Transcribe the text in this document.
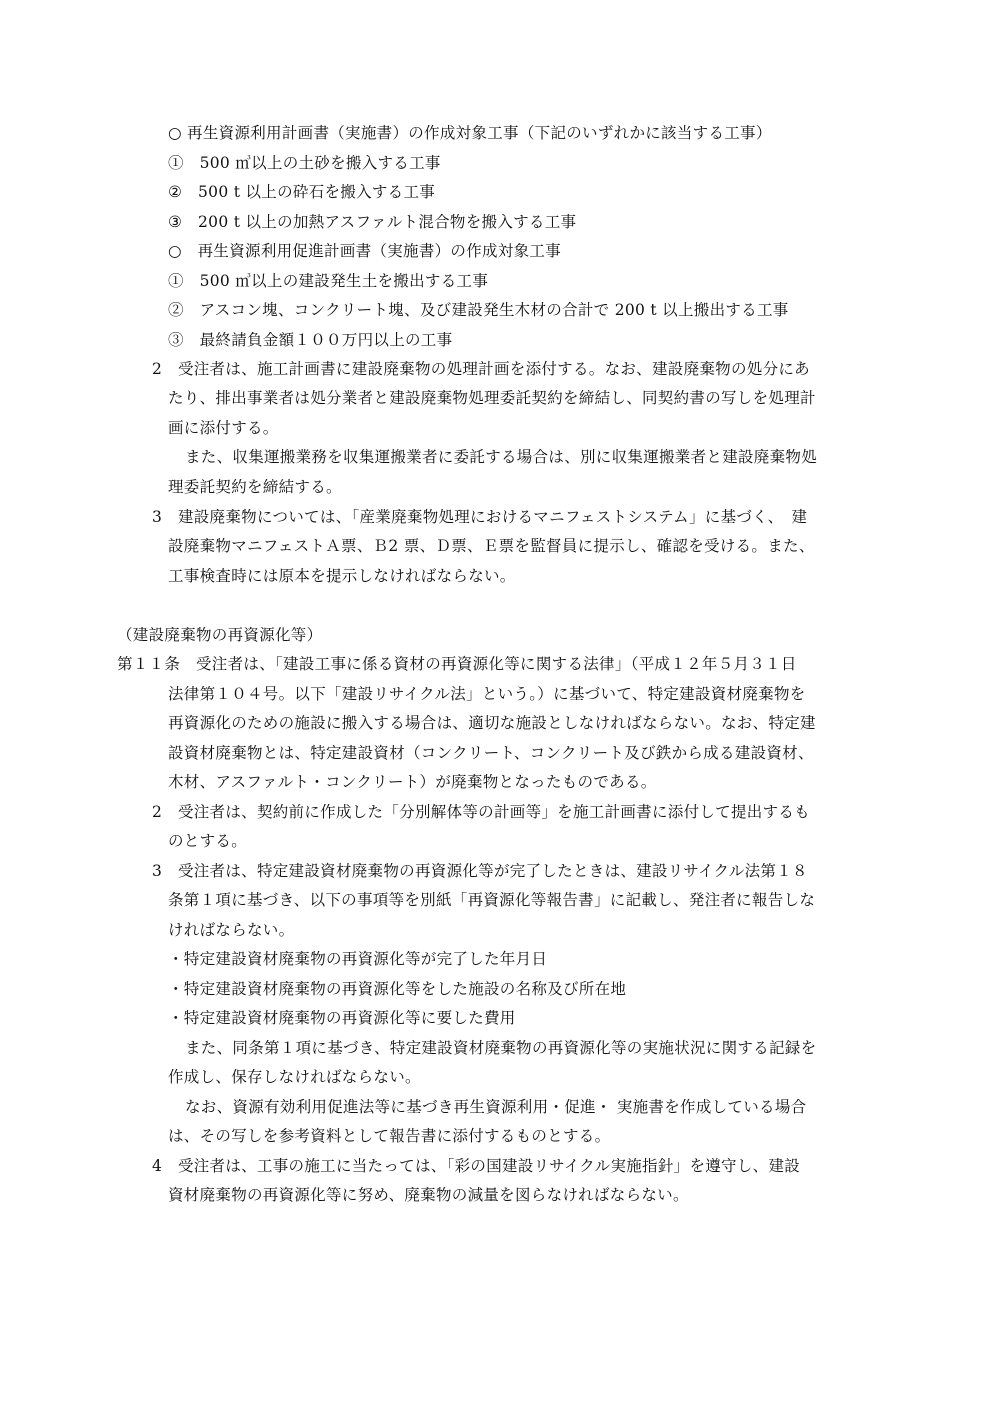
○ 再生資源利用計画書（実施書）の作成対象工事（下記のいずれかに該当する工事）
①　500 ㎥以上の土砂を搬入する工事
②　500 t 以上の砕石を搬入する工事
③　200 t 以上の加熱アスファルト混合物を搬入する工事
○　再生資源利用促進計画書（実施書）の作成対象工事
①　500 ㎥以上の建設発生土を搬出する工事
②　アスコン塊、コンクリート塊、及び建設発生木材の合計で 200 t 以上搬出する工事
③　最終請負金額１００万円以上の工事
2　受注者は、施工計画書に建設廃棄物の処理計画を添付する。なお、建設廃棄物の処分にあ
たり、排出事業者は処分業者と建設廃棄物処理委託契約を締結し、同契約書の写しを処理計
画に添付する。
また、収集運搬業務を収集運搬業者に委託する場合は、別に収集運搬業者と建設廃棄物処
理委託契約を締結する。
3　建設廃棄物については、「産業廃棄物処理におけるマニフェストシステム」に基づく、　建
設廃棄物マニフェストＡ票、Ｂ2 票、Ｄ票、Ｅ票を監督員に提示し、確認を受ける。また、
工事検査時には原本を提示しなければならない。
（建設廃棄物の再資源化等）
第１１条　受注者は、「建設工事に係る資材の再資源化等に関する法律」（平成１２年５月３１日
法律第１０４号。以下「建設リサイクル法」という。）に基づいて、特定建設資材廃棄物を
再資源化のための施設に搬入する場合は、適切な施設としなければならない。なお、特定建
設資材廃棄物とは、特定建設資材（コンクリート、コンクリート及び鉄から成る建設資材、
木材、アスファルト・コンクリート）が廃棄物となったものである。
2　受注者は、契約前に作成した「分別解体等の計画等」を施工計画書に添付して提出するも
のとする。
3　受注者は、特定建設資材廃棄物の再資源化等が完了したときは、建設リサイクル法第１８
条第１項に基づき、以下の事項等を別紙「再資源化等報告書」に記載し、発注者に報告しな
ければならない。
・特定建設資材廃棄物の再資源化等が完了した年月日
・特定建設資材廃棄物の再資源化等をした施設の名称及び所在地
・特定建設資材廃棄物の再資源化等に要した費用
また、同条第１項に基づき、特定建設資材廃棄物の再資源化等の実施状況に関する記録を
作成し、保存しなければならない。
なお、資源有効利用促進法等に基づき再生資源利用・促進・ 実施書を作成している場合
は、その写しを参考資料として報告書に添付するものとする。
4　受注者は、工事の施工に当たっては、「彩の国建設リサイクル実施指針」を遵守し、建設
資材廃棄物の再資源化等に努め、廃棄物の減量を図らなければならない。
